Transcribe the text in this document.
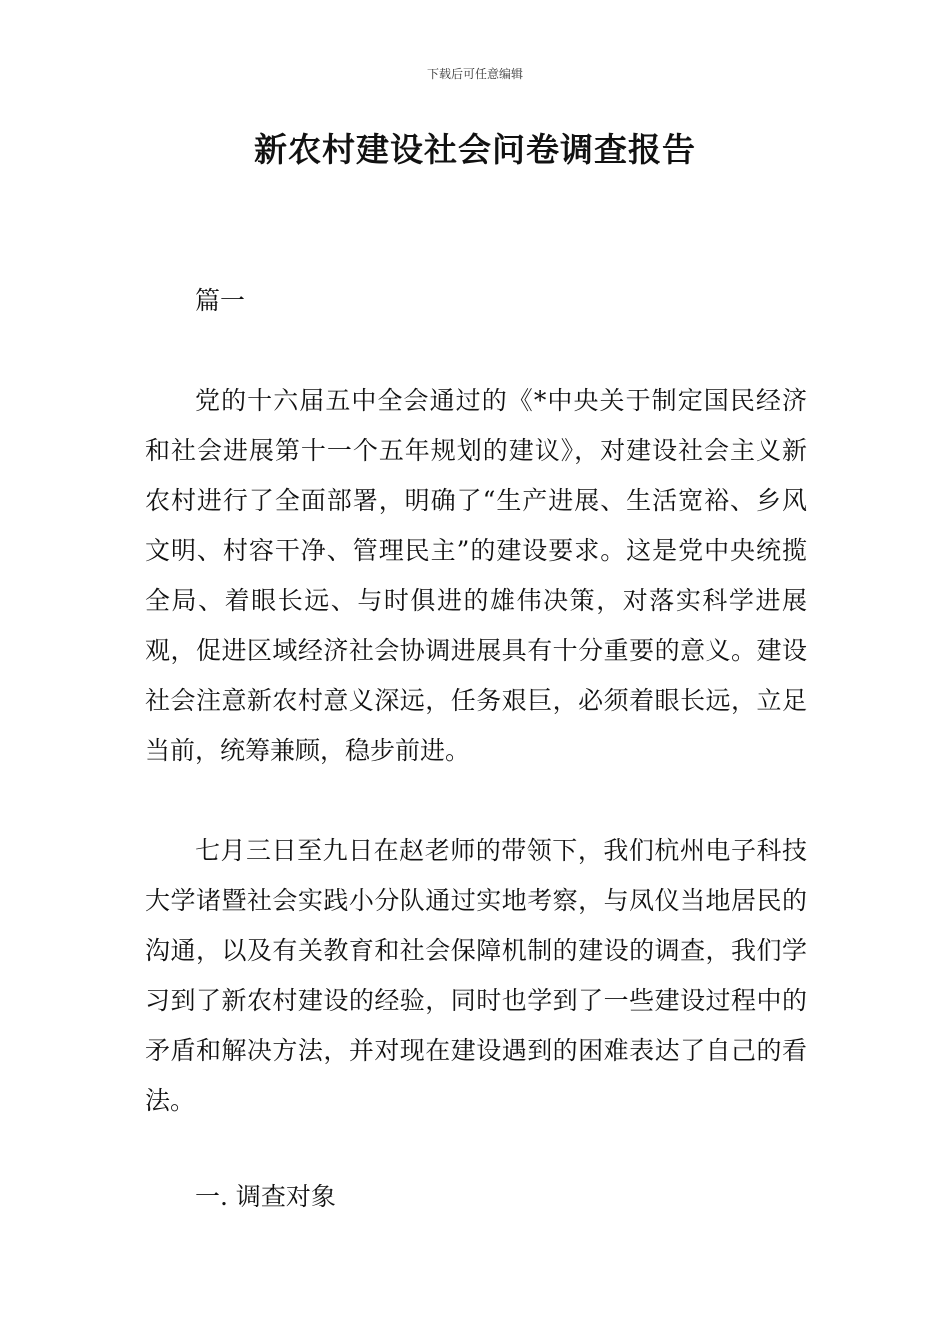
下载后可任意编辑
新农村建设社会问卷调查报告

篇一

党的十六届五中全会通过的《*中央关于制定国民经济和社会进展第十一个五年规划的建议》，对建设社会主义新农村进行了全面部署，明确了“生产进展、生活宽裕、乡风文明、村容干净、管理民主”的建设要求。这是党中央统揽全局、着眼长远、与时俱进的雄伟决策，对落实科学进展观，促进区域经济社会协调进展具有十分重要的意义。建设社会注意新农村意义深远，任务艰巨，必须着眼长远，立足当前，统筹兼顾，稳步前进。

七月三日至九日在赵老师的带领下，我们杭州电子科技大学诸暨社会实践小分队通过实地考察，与凤仪当地居民的沟通，以及有关教育和社会保障机制的建设的调查，我们学习到了新农村建设的经验，同时也学到了一些建设过程中的矛盾和解决方法，并对现在建设遇到的困难表达了自己的看法。

一. 调查对象
